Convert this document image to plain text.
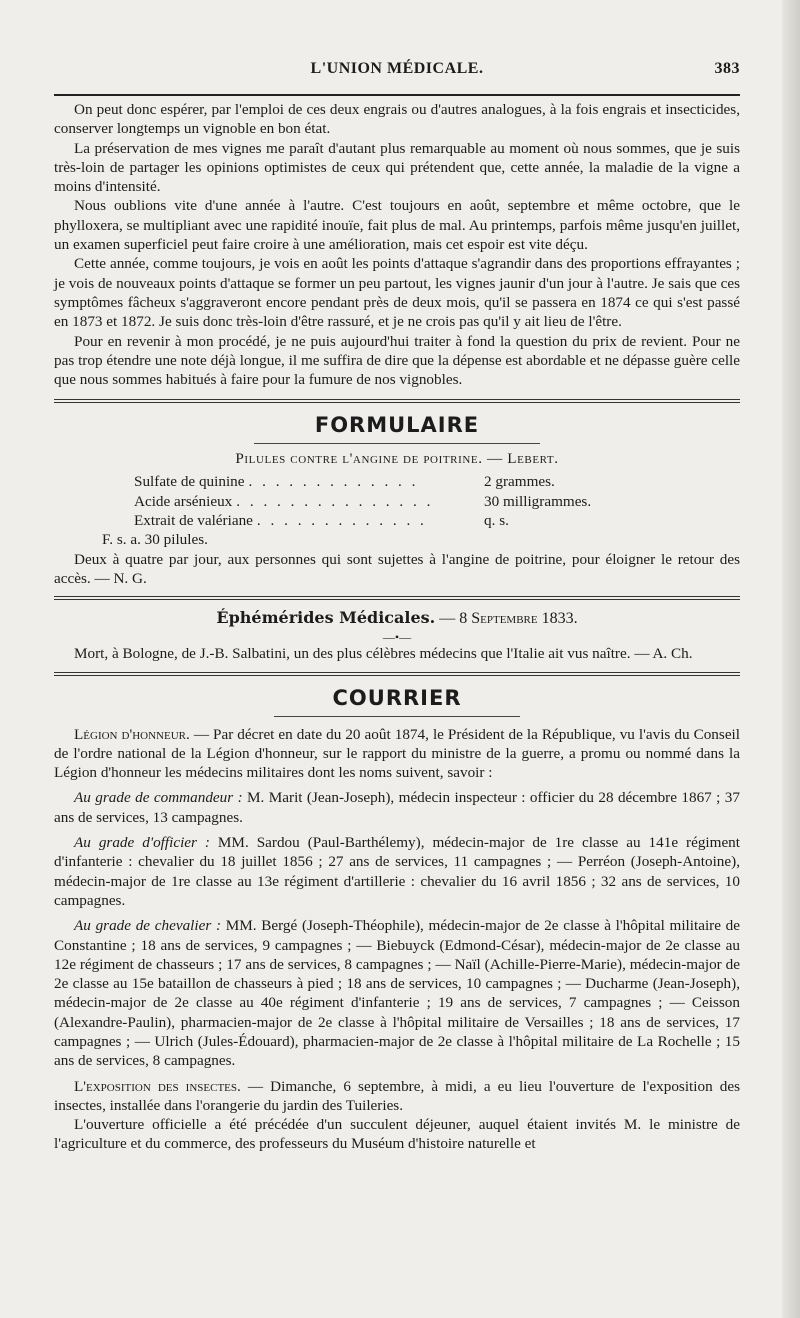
L'UNION MÉDICALE.	383

On peut donc espérer, par l'emploi de ces deux engrais ou d'autres analogues, à la fois engrais et insecticides, conserver longtemps un vignoble en bon état.

La préservation de mes vignes me paraît d'autant plus remarquable au moment où nous sommes, que je suis très-loin de partager les opinions optimistes de ceux qui prétendent que, cette année, la maladie de la vigne a moins d'intensité.

Nous oublions vite d'une année à l'autre. C'est toujours en août, septembre et même octobre, que le phylloxera, se multipliant avec une rapidité inouïe, fait plus de mal. Au printemps, parfois même jusqu'en juillet, un examen superficiel peut faire croire à une amélioration, mais cet espoir est vite déçu.

Cette année, comme toujours, je vois en août les points d'attaque s'agrandir dans des proportions effrayantes ; je vois de nouveaux points d'attaque se former un peu partout, les vignes jaunir d'un jour à l'autre. Je sais que ces symptômes fâcheux s'aggraveront encore pendant près de deux mois, qu'il se passera en 1874 ce qui s'est passé en 1873 et 1872. Je suis donc très-loin d'être rassuré, et je ne crois pas qu'il y ait lieu de l'être.

Pour en revenir à mon procédé, je ne puis aujourd'hui traiter à fond la question du prix de revient. Pour ne pas trop étendre une note déjà longue, il me suffira de dire que la dépense est abordable et ne dépasse guère celle que nous sommes habitués à faire pour la fumure de nos vignobles.

FORMULAIRE
Pilules contre l'angine de poitrine. — Lebert.
Sulfate de quinine . . . . . . . . . . . . .	2 grammes.
Acide arsénieux . . . . . . . . . . . . . . .	30 milligrammes.
Extrait de valériane . . . . . . . . . . . . .	q. s.
F. s. a. 30 pilules.

Deux à quatre par jour, aux personnes qui sont sujettes à l'angine de poitrine, pour éloigner le retour des accès. — N. G.

Éphémérides Médicales. — 8 Septembre 1833.
—•—

Mort, à Bologne, de J.-B. Salbatini, un des plus célèbres médecins que l'Italie ait vus naître. — A. Ch.

COURRIER

Légion d'honneur. — Par décret en date du 20 août 1874, le Président de la République, vu l'avis du Conseil de l'ordre national de la Légion d'honneur, sur le rapport du ministre de la guerre, a promu ou nommé dans la Légion d'honneur les médecins militaires dont les noms suivent, savoir :

Au grade de commandeur : M. Marit (Jean-Joseph), médecin inspecteur : officier du 28 décembre 1867 ; 37 ans de services, 13 campagnes.

Au grade d'officier : MM. Sardou (Paul-Barthélemy), médecin-major de 1re classe au 141e régiment d'infanterie : chevalier du 18 juillet 1856 ; 27 ans de services, 11 campagnes ; — Perréon (Joseph-Antoine), médecin-major de 1re classe au 13e régiment d'artillerie : chevalier du 16 avril 1856 ; 32 ans de services, 10 campagnes.

Au grade de chevalier : MM. Bergé (Joseph-Théophile), médecin-major de 2e classe à l'hôpital militaire de Constantine ; 18 ans de services, 9 campagnes ; — Biebuyck (Edmond-César), médecin-major de 2e classe au 12e régiment de chasseurs ; 17 ans de services, 8 campagnes ; — Naïl (Achille-Pierre-Marie), médecin-major de 2e classe au 15e bataillon de chasseurs à pied ; 18 ans de services, 10 campagnes ; — Ducharme (Jean-Joseph), médecin-major de 2e classe au 40e régiment d'infanterie ; 19 ans de services, 7 campagnes ; — Ceisson (Alexandre-Paulin), pharmacien-major de 2e classe à l'hôpital militaire de Versailles ; 18 ans de services, 17 campagnes ; — Ulrich (Jules-Édouard), pharmacien-major de 2e classe à l'hôpital militaire de La Rochelle ; 15 ans de services, 8 campagnes.

L'exposition des insectes. — Dimanche, 6 septembre, à midi, a eu lieu l'ouverture de l'exposition des insectes, installée dans l'orangerie du jardin des Tuileries.

L'ouverture officielle a été précédée d'un succulent déjeuner, auquel étaient invités M. le ministre de l'agriculture et du commerce, des professeurs du Muséum d'histoire naturelle et
